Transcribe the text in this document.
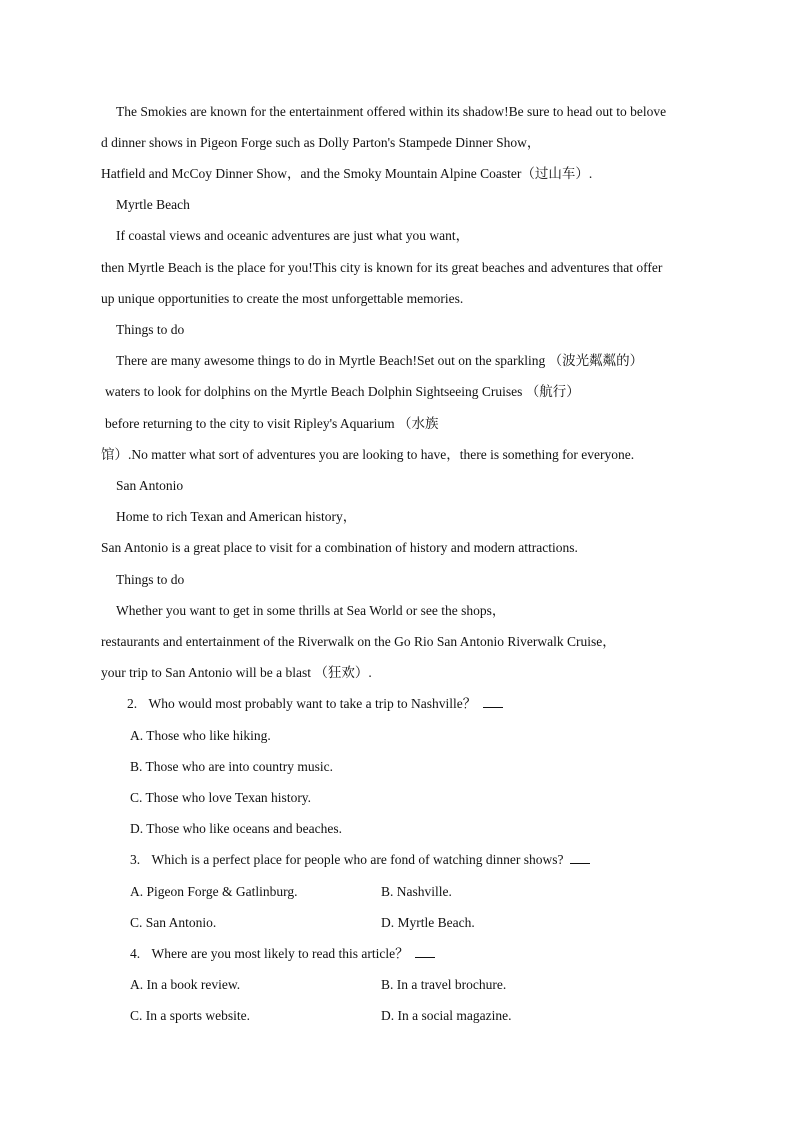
The Smokies are known for the entertainment offered within its shadow!Be sure to head out to belove
d dinner shows in Pigeon Forge such as Dolly Parton's Stampede Dinner Show，
Hatfield and McCoy Dinner Show，and the Smoky Mountain Alpine Coaster（过山车）.
Myrtle Beach
If coastal views and oceanic adventures are just what you want，
then Myrtle Beach is the place for you!This city is known for its great beaches and adventures that offer
up unique opportunities to create the most unforgettable memories.
Things to do
There are many awesome things to do in Myrtle Beach!Set out on the sparkling （波光粼粼的）
waters to look for dolphins on the Myrtle Beach Dolphin Sightseeing Cruises （航行）
before returning to the city to visit Ripley's Aquarium （水族
馆）.No matter what sort of adventures you are looking to have，there is something for everyone.
San Antonio
Home to rich Texan and American history，
San Antonio is a great place to visit for a combination of history and modern attractions.
Things to do
Whether you want to get in some thrills at Sea World or see the shops，
restaurants and entertainment of the Riverwalk on the Go Rio San Antonio Riverwalk Cruise，
your trip to San Antonio will be a blast （狂欢）.
2. Who would most probably want to take a trip to Nashville？
A. Those who like hiking.
B. Those who are into country music.
C. Those who love Texan history.
D. Those who like oceans and beaches.
3. Which is a perfect place for people who are fond of watching dinner shows?
A. Pigeon Forge & Gatlinburg.	B. Nashville.
C. San Antonio.	D. Myrtle Beach.
4. Where are you most likely to read this article？
A. In a book review.	B. In a travel brochure.
C. In a sports website.	D. In a social magazine.
